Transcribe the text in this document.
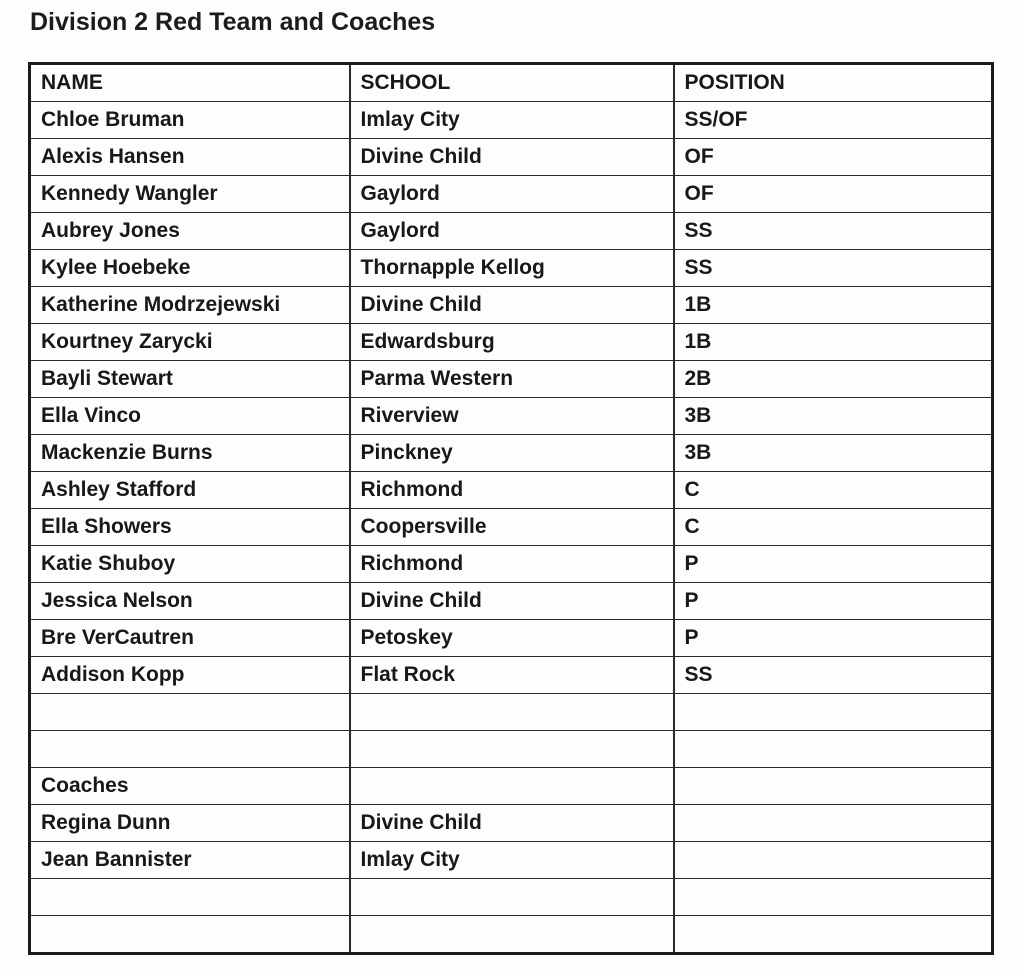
Division 2 Red Team and Coaches
NAME	SCHOOL	POSITION
Chloe Bruman	Imlay City	SS/OF
Alexis Hansen	Divine Child	OF
Kennedy Wangler	Gaylord	OF
Aubrey Jones	Gaylord	SS
Kylee Hoebeke	Thornapple Kellog	SS
Katherine Modrzejewski	Divine Child	1B
Kourtney Zarycki	Edwardsburg	1B
Bayli Stewart	Parma Western	2B
Ella Vinco	Riverview	3B
Mackenzie Burns	Pinckney	3B
Ashley Stafford	Richmond	C
Ella Showers	Coopersville	C
Katie Shuboy	Richmond	P
Jessica Nelson	Divine Child	P
Bre VerCautren	Petoskey	P
Addison Kopp	Flat Rock	SS

Coaches		
Regina Dunn	Divine Child	
Jean Bannister	Imlay City	
